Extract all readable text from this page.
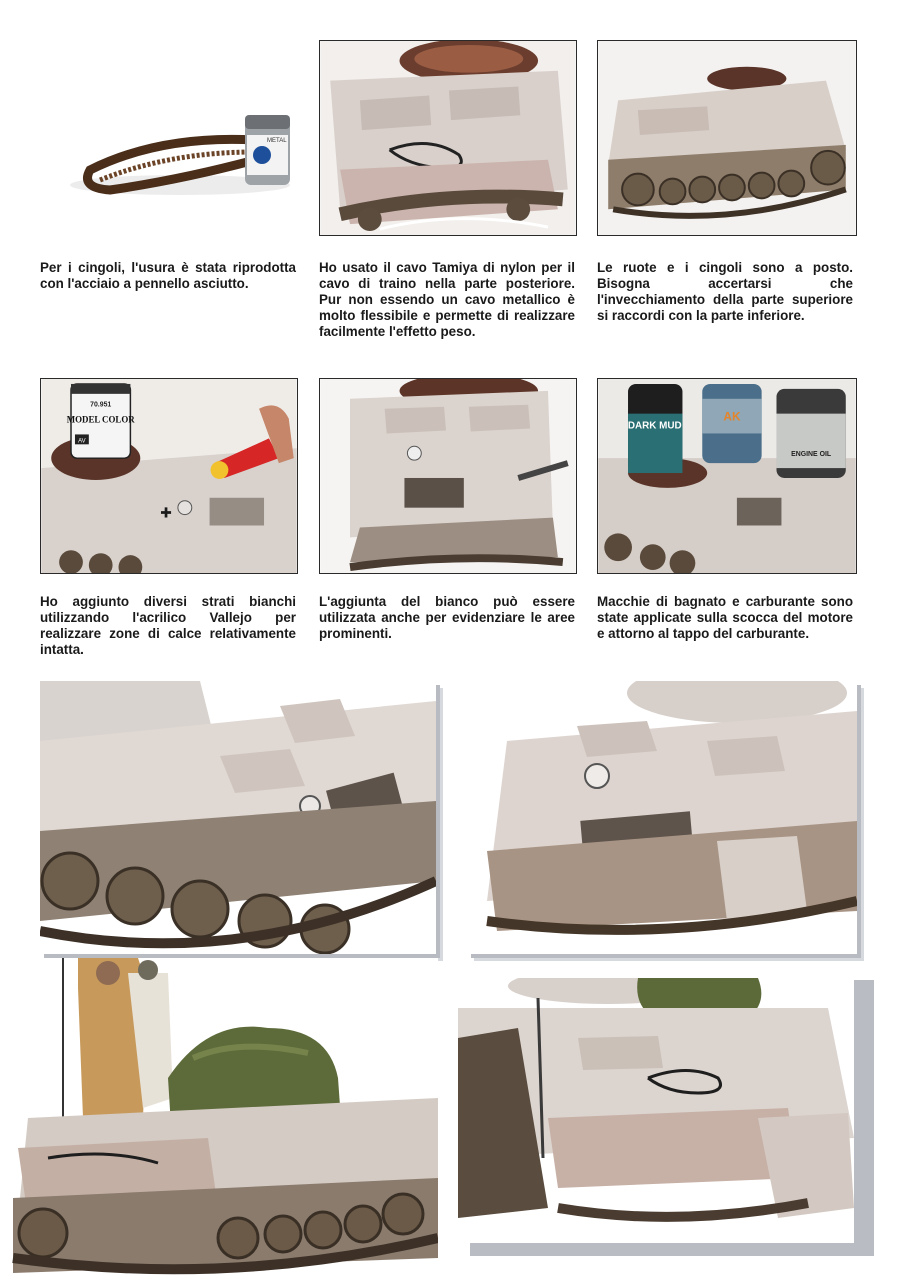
METAL

Per i cingoli, l'usura è stata riprodotta con l'acciaio a pennello asciutto.

Ho usato il cavo Tamiya di nylon per il cavo di traino nella parte posteriore. Pur non essendo un cavo metallico è molto flessibile e permette di realizzare facilmente l'effetto peso.

Le ruote e i cingoli sono a posto. Bisogna accertarsi che l'invecchiamento della parte superiore si raccordi con la parte inferiore.

70.951
MODEL COLOR
AV
✚
DARK MUD
AK
ENGINE OIL

Ho aggiunto diversi strati bianchi utilizzando l'acrilico Vallejo per realizzare zone di calce relativamente intatta.

L'aggiunta del bianco può essere utilizzata anche per evidenziare le aree prominenti.

Macchie di bagnato e carburante sono state applicate sulla scocca del motore e attorno al tappo del carburante.
